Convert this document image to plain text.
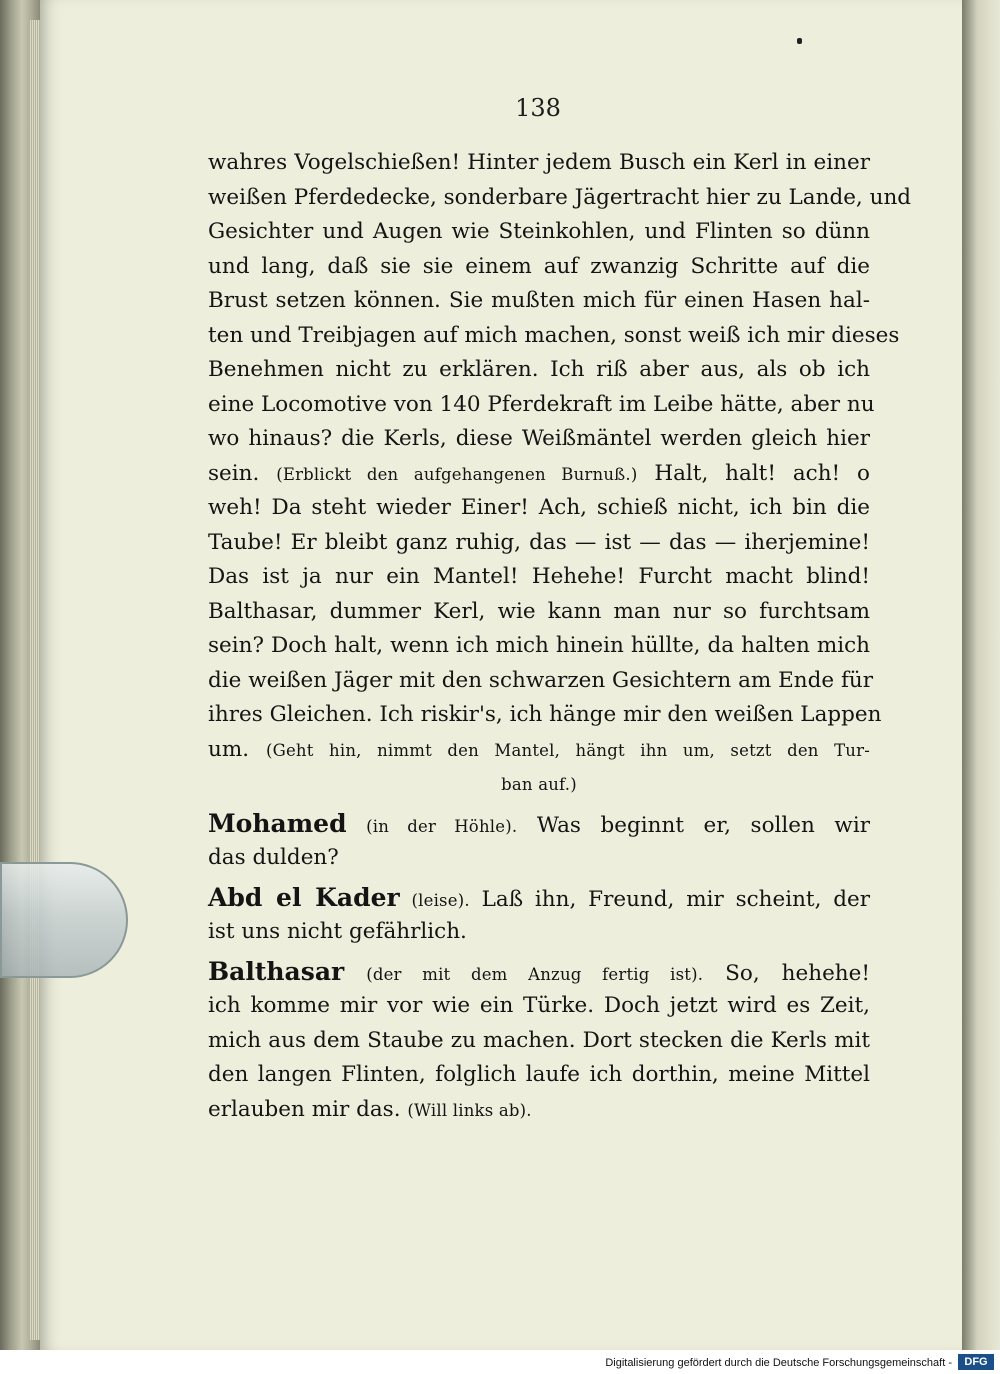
138
wahres Vogelschießen! Hinter jedem Busch ein Kerl in einer
weißen Pferdedecke, sonderbare Jägertracht hier zu Lande, und
Gesichter und Augen wie Steinkohlen, und Flinten so dünn
und lang, daß sie sie einem auf zwanzig Schritte auf die
Brust setzen können. Sie mußten mich für einen Hasen hal-
ten und Treibjagen auf mich machen, sonst weiß ich mir dieses
Benehmen nicht zu erklären. Ich riß aber aus, als ob ich
eine Locomotive von 140 Pferdekraft im Leibe hätte, aber nu
wo hinaus? die Kerls, diese Weißmäntel werden gleich hier
sein. (Erblickt den aufgehangenen Burnuß.) Halt, halt! ach! o
weh! Da steht wieder Einer! Ach, schieß nicht, ich bin die
Taube! Er bleibt ganz ruhig, das — ist — das — iherjemine!
Das ist ja nur ein Mantel! Hehehe! Furcht macht blind!
Balthasar, dummer Kerl, wie kann man nur so furchtsam
sein? Doch halt, wenn ich mich hinein hüllte, da halten mich
die weißen Jäger mit den schwarzen Gesichtern am Ende für
ihres Gleichen. Ich riskir's, ich hänge mir den weißen Lappen
um. (Geht hin, nimmt den Mantel, hängt ihn um, setzt den Tur-
ban auf.)
Mohamed (in der Höhle). Was beginnt er, sollen wir
das dulden?
Abd el Kader (leise). Laß ihn, Freund, mir scheint, der
ist uns nicht gefährlich.
Balthasar (der mit dem Anzug fertig ist). So, hehehe!
ich komme mir vor wie ein Türke. Doch jetzt wird es Zeit,
mich aus dem Staube zu machen. Dort stecken die Kerls mit
den langen Flinten, folglich laufe ich dorthin, meine Mittel
erlauben mir das. (Will links ab).
Digitalisierung gefördert durch die Deutsche Forschungsgemeinschaft -	DFG
